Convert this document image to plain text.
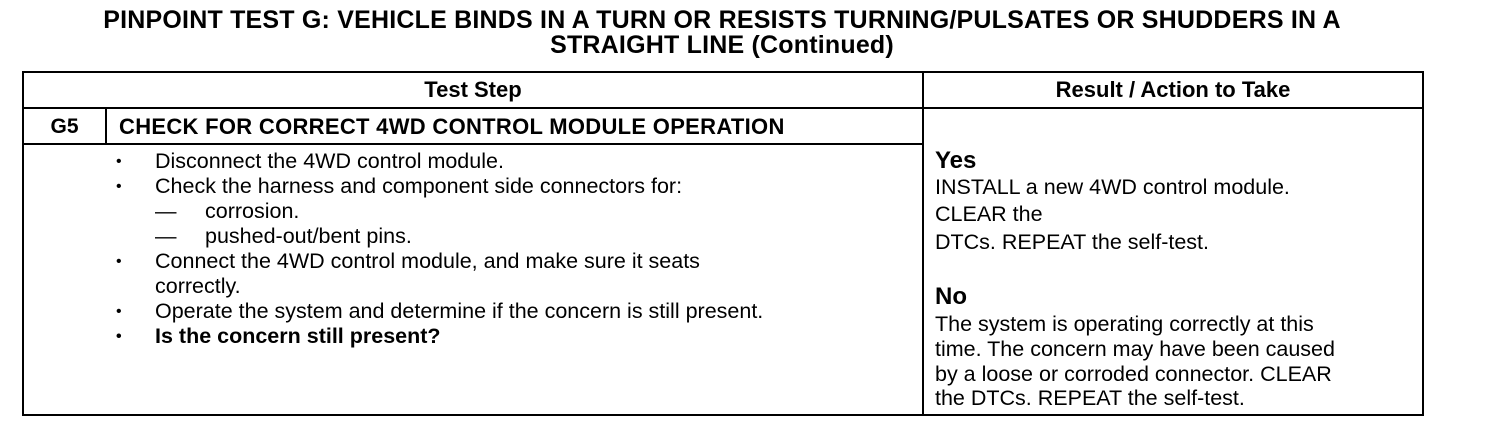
PINPOINT TEST G: VEHICLE BINDS IN A TURN OR RESISTS TURNING/PULSATES OR SHUDDERS IN A
STRAIGHT LINE (Continued)
Test Step	Result / Action to Take
G5	CHECK FOR CORRECT 4WD CONTROL MODULE OPERATION
• Disconnect the 4WD control module.
• Check the harness and component side connectors for:
— corrosion.
— pushed-out/bent pins.
• Connect the 4WD control module, and make sure it seats
correctly.
• Operate the system and determine if the concern is still present.
• Is the concern still present?
Yes
INSTALL a new 4WD control module.
CLEAR the
DTCs. REPEAT the self-test.
No
The system is operating correctly at this
time. The concern may have been caused
by a loose or corroded connector. CLEAR
the DTCs. REPEAT the self-test.
